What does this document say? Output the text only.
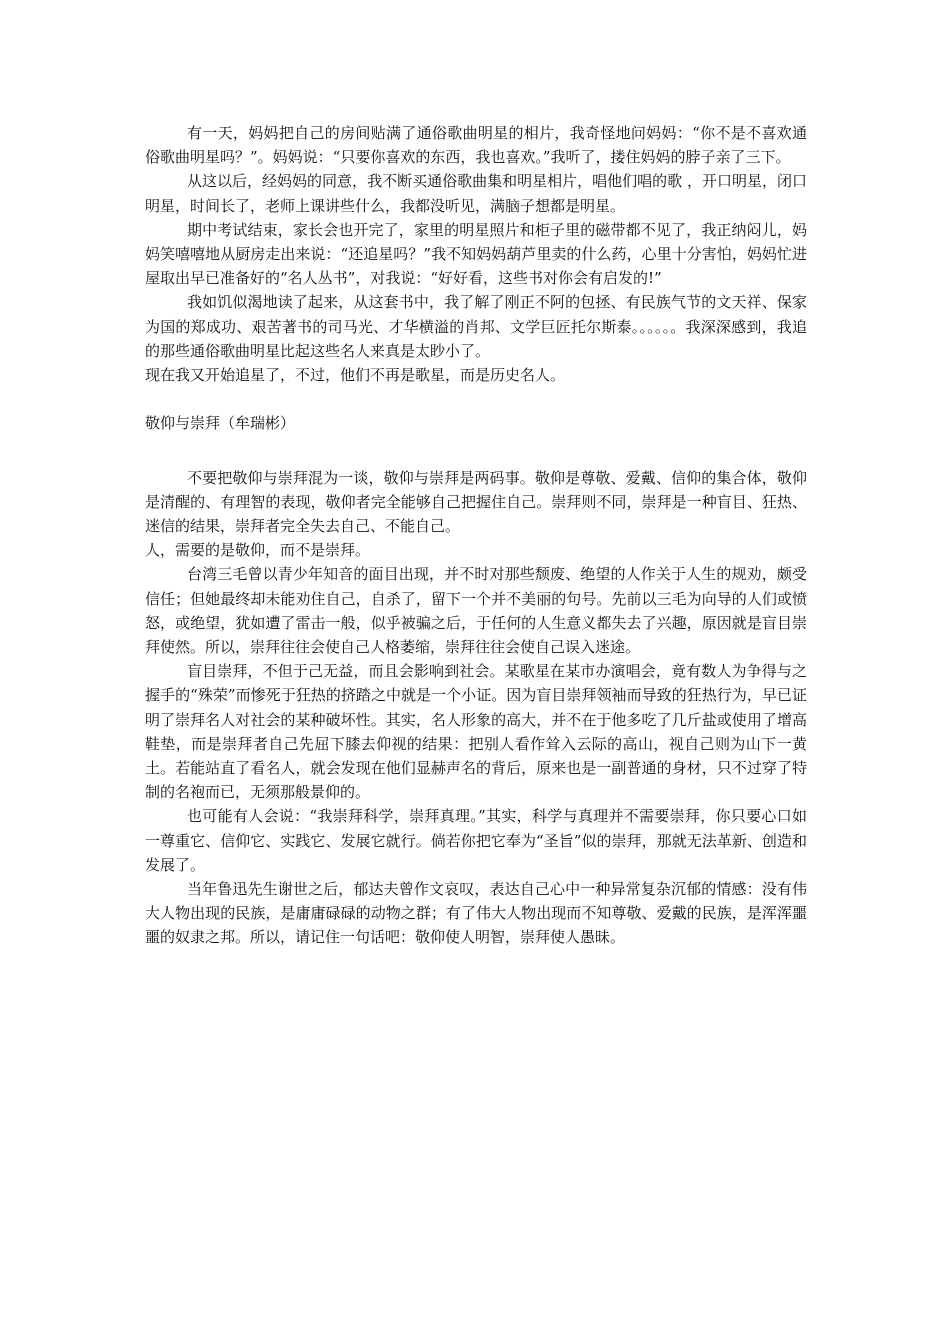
有一天，妈妈把自己的房间贴满了通俗歌曲明星的相片，我奇怪地问妈妈：“你不是不喜欢通俗歌曲明星吗？”。妈妈说：“只要你喜欢的东西，我也喜欢。”我听了，搂住妈妈的脖子亲了三下。

从这以后，经妈妈的同意，我不断买通俗歌曲集和明星相片，唱他们唱的歌 ，开口明星，闭口明星，时间长了，老师上课讲些什么，我都没听见，满脑子想都是明星。

期中考试结束，家长会也开完了，家里的明星照片和柜子里的磁带都不见了，我正纳闷儿，妈妈笑嘻嘻地从厨房走出来说：“还追星吗？”我不知妈妈葫芦里卖的什么药，心里十分害怕，妈妈忙进屋取出早已准备好的“名人丛书”，对我说：“好好看，这些书对你会有启发的!”

我如饥似渴地读了起来，从这套书中，我了解了刚正不阿的包拯、有民族气节的文天祥、保家为国的郑成功、艰苦著书的司马光、才华横溢的肖邦、文学巨匠托尔斯泰。。。。。。我深深感到，我追的那些通俗歌曲明星比起这些名人来真是太眇小了。

现在我又开始追星了，不过，他们不再是歌星，而是历史名人。

敬仰与崇拜（牟瑞彬）

不要把敬仰与崇拜混为一谈，敬仰与崇拜是两码事。敬仰是尊敬、爱戴、信仰的集合体，敬仰是清醒的、有理智的表现，敬仰者完全能够自己把握住自己。崇拜则不同，崇拜是一种盲目、狂热、迷信的结果，崇拜者完全失去自己、不能自己。

人，需要的是敬仰，而不是崇拜。

台湾三毛曾以青少年知音的面目出现，并不时对那些颓废、绝望的人作关于人生的规劝，颇受信任；但她最终却未能劝住自己，自杀了，留下一个并不美丽的句号。先前以三毛为向导的人们或愤怒，或绝望，犹如遭了雷击一般，似乎被骗之后，于任何的人生意义都失去了兴趣，原因就是盲目崇拜使然。所以，崇拜往往会使自己人格萎缩，崇拜往往会使自己误入迷途。

盲目崇拜，不但于己无益，而且会影响到社会。某歌星在某市办演唱会，竟有数人为争得与之握手的“殊荣”而惨死于狂热的挤踏之中就是一个小证。因为盲目崇拜领袖而导致的狂热行为，早已证明了崇拜名人对社会的某种破坏性。其实，名人形象的高大，并不在于他多吃了几斤盐或使用了增高鞋垫，而是崇拜者自己先屈下膝去仰视的结果：把别人看作耸入云际的高山，视自己则为山下一黄土。若能站直了看名人，就会发现在他们显赫声名的背后，原来也是一副普通的身材，只不过穿了特制的名袍而已，无须那般景仰的。

也可能有人会说：“我崇拜科学，崇拜真理。”其实，科学与真理并不需要崇拜，你只要心口如一尊重它、信仰它、实践它、发展它就行。倘若你把它奉为“圣旨”似的崇拜，那就无法革新、创造和发展了。

当年鲁迅先生谢世之后，郁达夫曾作文哀叹，表达自己心中一种异常复杂沉郁的情感：没有伟大人物出现的民族，是庸庸碌碌的动物之群；有了伟大人物出现而不知尊敬、爱戴的民族，是浑浑噩噩的奴隶之邦。所以，请记住一句话吧：敬仰使人明智，崇拜使人愚昧。
